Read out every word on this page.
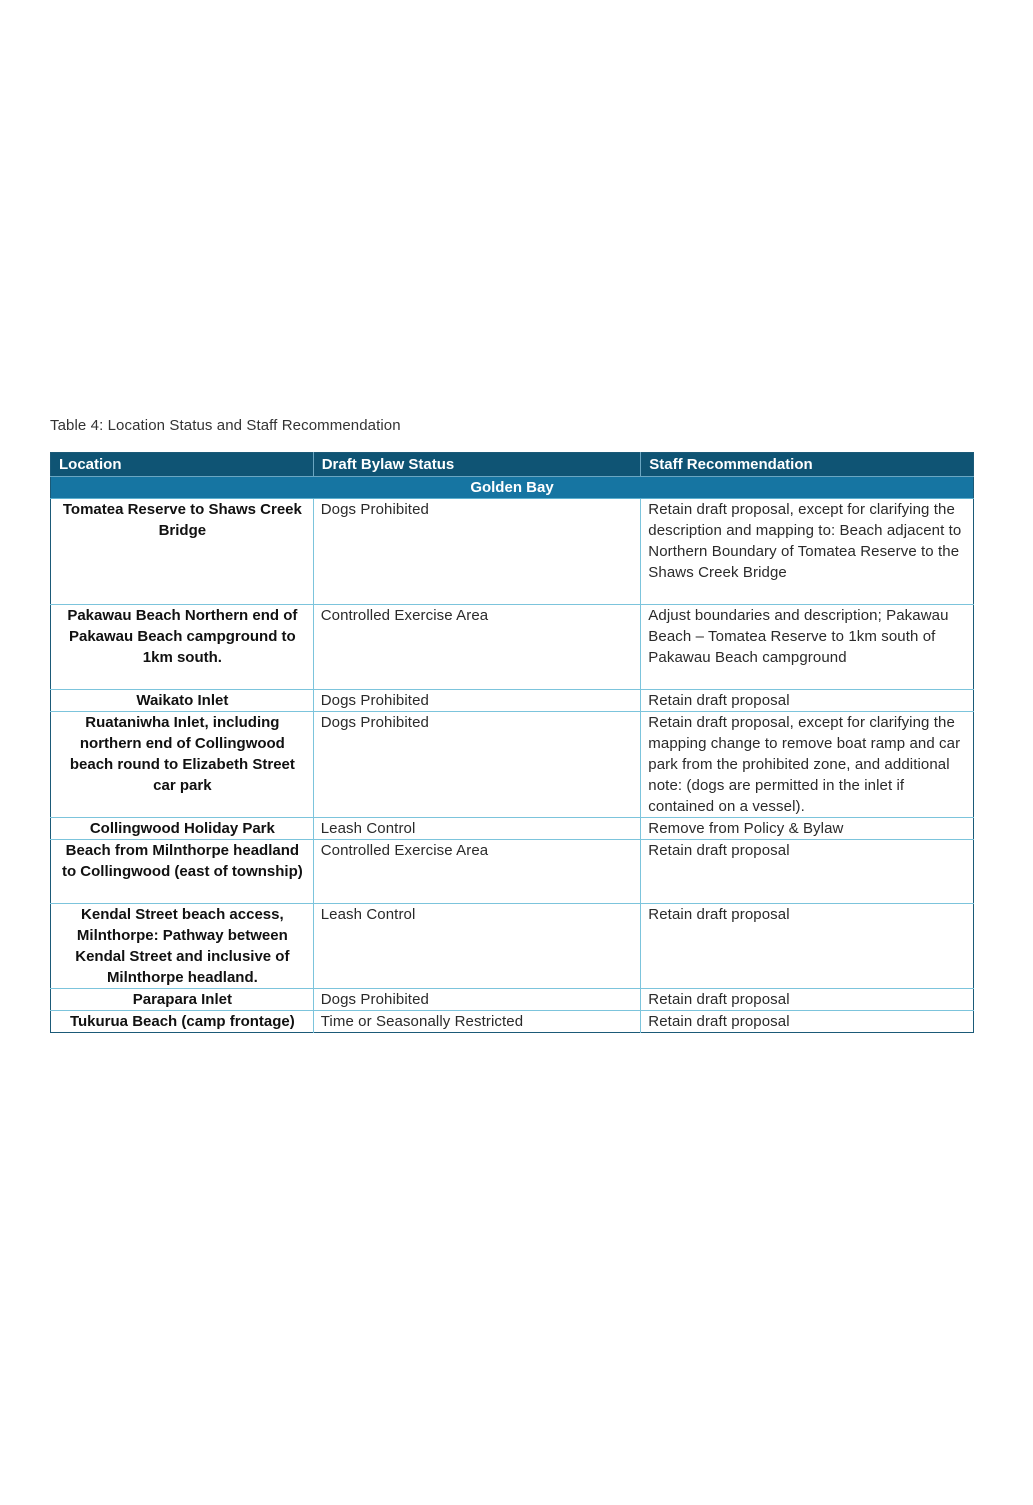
Table 4: Location Status and Staff Recommendation
Location	Draft Bylaw Status	Staff Recommendation
Golden Bay		
Tomatea Reserve to Shaws Creek Bridge	Dogs Prohibited	Retain draft proposal, except for clarifying the description and mapping to: Beach adjacent to Northern Boundary of Tomatea Reserve to the Shaws Creek Bridge
Pakawau Beach Northern end of Pakawau Beach campground to 1km south.	Controlled Exercise Area	Adjust boundaries and description; Pakawau Beach – Tomatea Reserve to 1km south of Pakawau Beach campground
Waikato Inlet	Dogs Prohibited	Retain draft proposal
Ruataniwha Inlet, including northern end of Collingwood beach round to Elizabeth Street car park	Dogs Prohibited	Retain draft proposal, except for clarifying the mapping change to remove boat ramp and car park from the prohibited zone, and additional note: (dogs are permitted in the inlet if contained on a vessel).
Collingwood Holiday Park	Leash Control	Remove from Policy & Bylaw
Beach from Milnthorpe headland to Collingwood (east of township)	Controlled Exercise Area	Retain draft proposal
Kendal Street beach access, Milnthorpe: Pathway between Kendal Street and inclusive of Milnthorpe headland.	Leash Control	Retain draft proposal
Parapara Inlet	Dogs Prohibited	Retain draft proposal
Tukurua Beach (camp frontage)	Time or Seasonally Restricted	Retain draft proposal
